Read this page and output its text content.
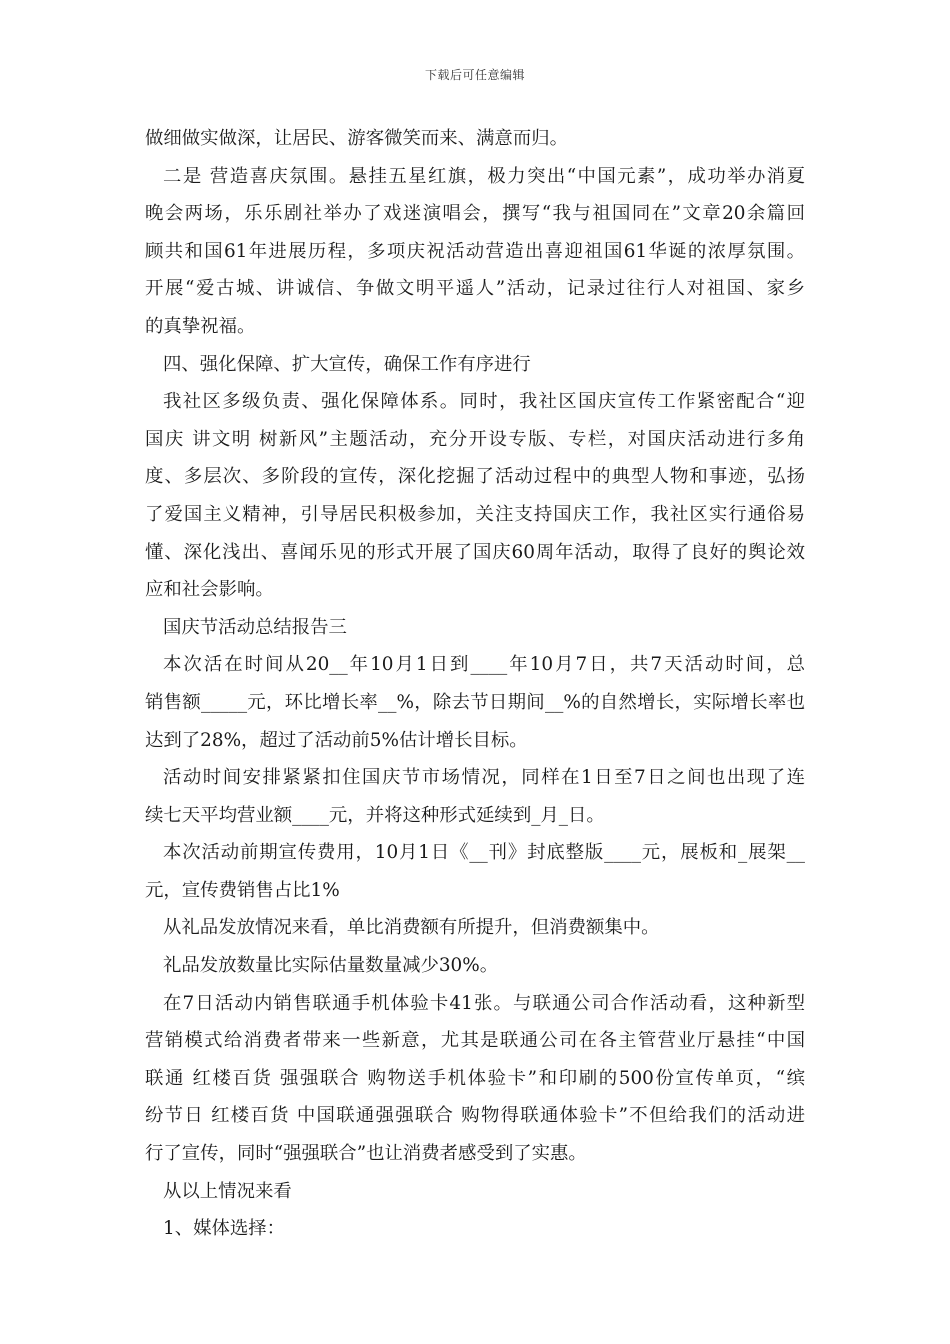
下载后可任意编辑
做细做实做深，让居民、游客微笑而来、满意而归。
二是 营造喜庆氛围。悬挂五星红旗，极力突出“中国元素”，成功举办消夏
晚会两场，乐乐剧社举办了戏迷演唱会，撰写“我与祖国同在”文章20余篇回
顾共和国61年进展历程，多项庆祝活动营造出喜迎祖国61华诞的浓厚氛围。
开展“爱古城、讲诚信、争做文明平遥人”活动，记录过往行人对祖国、家乡
的真挚祝福。
四、强化保障、扩大宣传，确保工作有序进行
我社区多级负责、强化保障体系。同时，我社区国庆宣传工作紧密配合“迎
国庆 讲文明 树新风”主题活动，充分开设专版、专栏，对国庆活动进行多角
度、多层次、多阶段的宣传，深化挖掘了活动过程中的典型人物和事迹，弘扬
了爱国主义精神，引导居民积极参加，关注支持国庆工作，我社区实行通俗易
懂、深化浅出、喜闻乐见的形式开展了国庆60周年活动，取得了良好的舆论效
应和社会影响。
国庆节活动总结报告三
本次活在时间从20__年10月1日到____年10月7日，共7天活动时间，总
销售额_____元，环比增长率__%，除去节日期间__%的自然增长，实际增长率也
达到了28%，超过了活动前5%估计增长目标。
活动时间安排紧紧扣住国庆节市场情况，同样在1日至7日之间也出现了连
续七天平均营业额____元，并将这种形式延续到_月_日。
本次活动前期宣传费用，10月1日《__刊》封底整版____元，展板和_展架__
元，宣传费销售占比1%
从礼品发放情况来看，单比消费额有所提升，但消费额集中。
礼品发放数量比实际估量数量减少30%。
在7日活动内销售联通手机体验卡41张。与联通公司合作活动看，这种新型
营销模式给消费者带来一些新意，尤其是联通公司在各主管营业厅悬挂“中国
联通 红楼百货 强强联合 购物送手机体验卡”和印刷的500份宣传单页，“缤
纷节日 红楼百货 中国联通强强联合 购物得联通体验卡”不但给我们的活动进
行了宣传，同时“强强联合”也让消费者感受到了实惠。
从以上情况来看
1、媒体选择：
